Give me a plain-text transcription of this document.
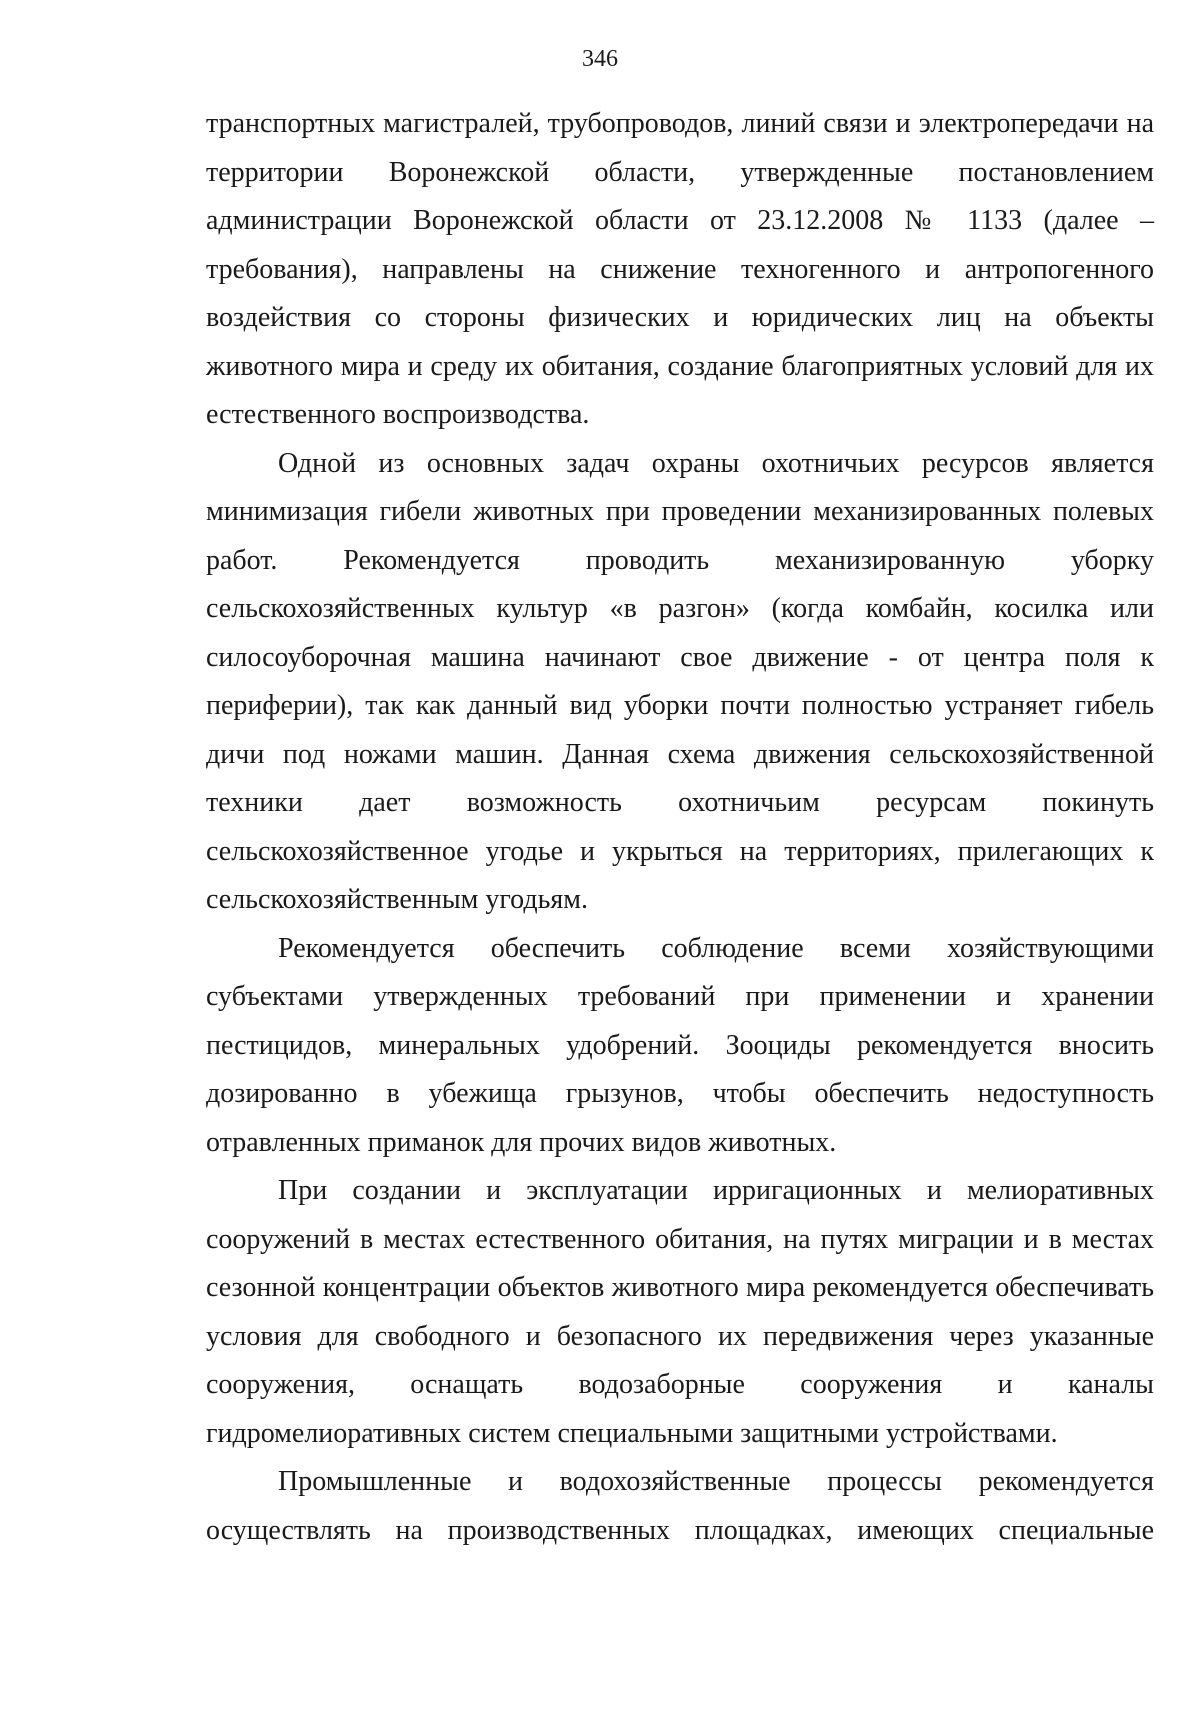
346

транспортных магистралей, трубопроводов, линий связи и электропередачи на территории Воронежской области, утвержденные постановлением администрации Воронежской области от 23.12.2008 № 1133 (далее – требования), направлены на снижение техногенного и антропогенного воздействия со стороны физических и юридических лиц на объекты животного мира и среду их обитания, создание благоприятных условий для их естественного воспроизводства.

Одной из основных задач охраны охотничьих ресурсов является минимизация гибели животных при проведении механизированных полевых работ. Рекомендуется проводить механизированную уборку сельскохозяйственных культур «в разгон» (когда комбайн, косилка или силосоуборочная машина начинают свое движение - от центра поля к периферии), так как данный вид уборки почти полностью устраняет гибель дичи под ножами машин. Данная схема движения сельскохозяйственной техники дает возможность охотничьим ресурсам покинуть сельскохозяйственное угодье и укрыться на территориях, прилегающих к сельскохозяйственным угодьям.

Рекомендуется обеспечить соблюдение всеми хозяйствующими субъектами утвержденных требований при применении и хранении пестицидов, минеральных удобрений. Зооциды рекомендуется вносить дозированно в убежища грызунов, чтобы обеспечить недоступность отравленных приманок для прочих видов животных.

При создании и эксплуатации ирригационных и мелиоративных сооружений в местах естественного обитания, на путях миграции и в местах сезонной концентрации объектов животного мира рекомендуется обеспечивать условия для свободного и безопасного их передвижения через указанные сооружения, оснащать водозаборные сооружения и каналы гидромелиоративных систем специальными защитными устройствами.

Промышленные и водохозяйственные процессы рекомендуется осуществлять на производственных площадках, имеющих специальные
